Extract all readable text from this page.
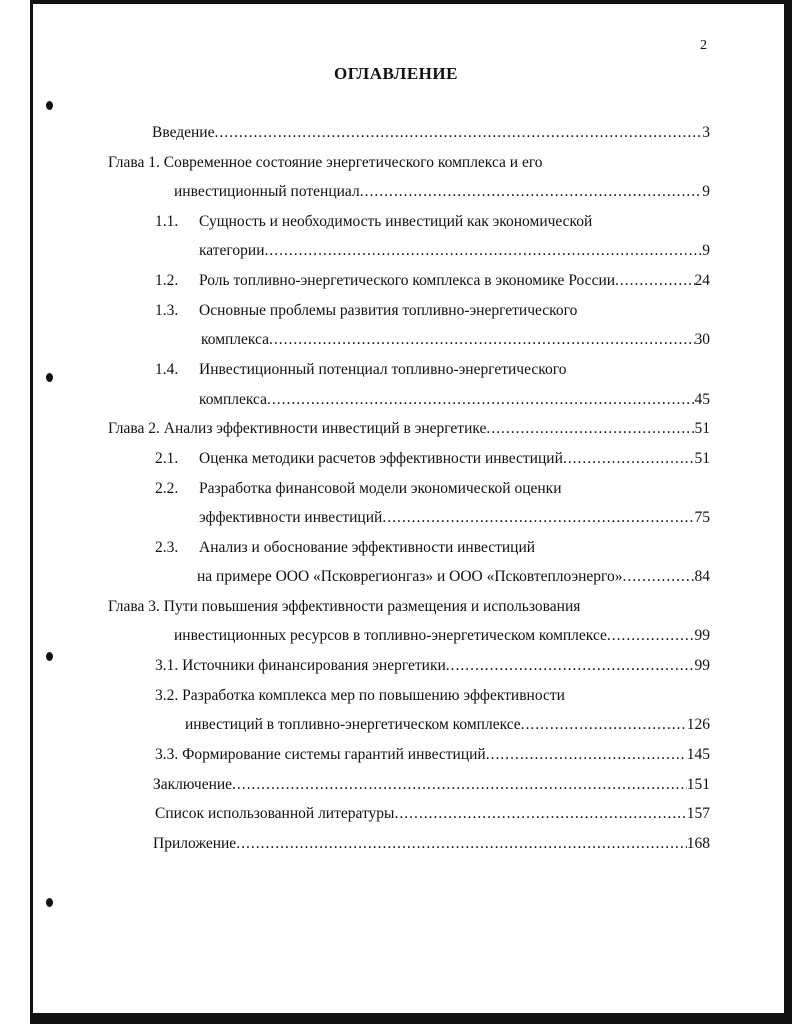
2
ОГЛАВЛЕНИЕ
Введение .....	3
Глава 1. Современное состояние энергетического комплекса и его
инвестиционный потенциал .....	9
1.1.	Сущность и необходимость инвестиций как экономической
категории .....	9
1.2.	Роль топливно-энергетического комплекса в экономике России .....	24
1.3.	Основные проблемы развития топливно-энергетического
комплекса .....	30
1.4.	Инвестиционный потенциал топливно-энергетического
комплекса .....	45
Глава 2. Анализ эффективности инвестиций в энергетике .....	51
2.1.	Оценка методики расчетов эффективности инвестиций .....	51
2.2.	Разработка финансовой модели экономической оценки
эффективности инвестиций .....	75
2.3.	Анализ и обоснование эффективности инвестиций
на примере ООО «Псковрегионгаз» и ООО «Псковтеплоэнерго» .....	84
Глава 3. Пути повышения эффективности размещения и использования
инвестиционных ресурсов в топливно-энергетическом комплексе .....	99
3.1. Источники финансирования энергетики .....	99
3.2. Разработка комплекса мер по повышению эффективности
инвестиций в топливно-энергетическом комплексе .....	126
3.3. Формирование системы гарантий инвестиций .....	145
Заключение .....	151
Список использованной литературы .....	157
Приложение .....	168
